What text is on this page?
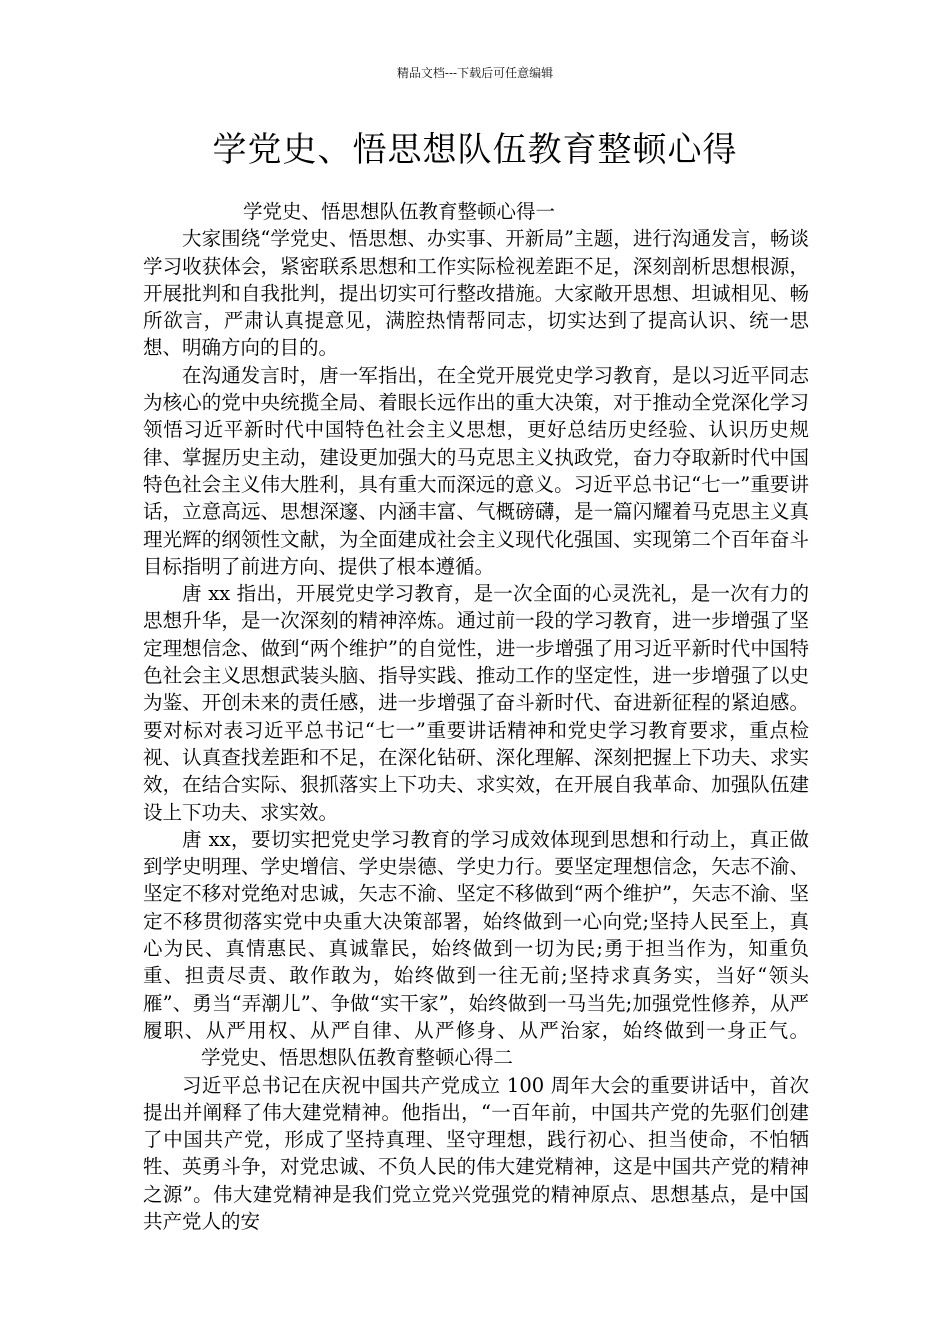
精品文档---下载后可任意编辑
学党史、悟思想队伍教育整顿心得
学党史、悟思想队伍教育整顿心得一

大家围绕“学党史、悟思想、办实事、开新局”主题，进行沟通发言，畅谈学习收获体会，紧密联系思想和工作实际检视差距不足，深刻剖析思想根源，开展批判和自我批判，提出切实可行整改措施。大家敞开思想、坦诚相见、畅所欲言，严肃认真提意见，满腔热情帮同志，切实达到了提高认识、统一思想、明确方向的目的。

在沟通发言时，唐一军指出，在全党开展党史学习教育，是以习近平同志为核心的党中央统揽全局、着眼长远作出的重大决策，对于推动全党深化学习领悟习近平新时代中国特色社会主义思想，更好总结历史经验、认识历史规律、掌握历史主动，建设更加强大的马克思主义执政党，奋力夺取新时代中国特色社会主义伟大胜利，具有重大而深远的意义。习近平总书记“七一”重要讲话，立意高远、思想深邃、内涵丰富、气概磅礴，是一篇闪耀着马克思主义真理光辉的纲领性文献，为全面建成社会主义现代化强国、实现第二个百年奋斗目标指明了前进方向、提供了根本遵循。

唐 xx 指出，开展党史学习教育，是一次全面的心灵洗礼，是一次有力的思想升华，是一次深刻的精神淬炼。通过前一段的学习教育，进一步增强了坚定理想信念、做到“两个维护”的自觉性，进一步增强了用习近平新时代中国特色社会主义思想武装头脑、指导实践、推动工作的坚定性，进一步增强了以史为鉴、开创未来的责任感，进一步增强了奋斗新时代、奋进新征程的紧迫感。要对标对表习近平总书记“七一”重要讲话精神和党史学习教育要求，重点检视、认真查找差距和不足，在深化钻研、深化理解、深刻把握上下功夫、求实效，在结合实际、狠抓落实上下功夫、求实效，在开展自我革命、加强队伍建设上下功夫、求实效。

唐 xx，要切实把党史学习教育的学习成效体现到思想和行动上，真正做到学史明理、学史增信、学史崇德、学史力行。要坚定理想信念，矢志不渝、坚定不移对党绝对忠诚，矢志不渝、坚定不移做到“两个维护”，矢志不渝、坚定不移贯彻落实党中央重大决策部署，始终做到一心向党;坚持人民至上，真心为民、真情惠民、真诚靠民，始终做到一切为民;勇于担当作为，知重负重、担责尽责、敢作敢为，始终做到一往无前;坚持求真务实，当好“领头雁”、勇当“弄潮儿”、争做“实干家”，始终做到一马当先;加强党性修养，从严履职、从严用权、从严自律、从严修身、从严治家，始终做到一身正气。学党史、悟思想队伍教育整顿心得二

习近平总书记在庆祝中国共产党成立 100 周年大会的重要讲话中，首次提出并阐释了伟大建党精神。他指出，“一百年前，中国共产党的先驱们创建了中国共产党，形成了坚持真理、坚守理想，践行初心、担当使命，不怕牺牲、英勇斗争，对党忠诚、不负人民的伟大建党精神，这是中国共产党的精神之源”。伟大建党精神是我们党立党兴党强党的精神原点、思想基点，是中国共产党人的安
